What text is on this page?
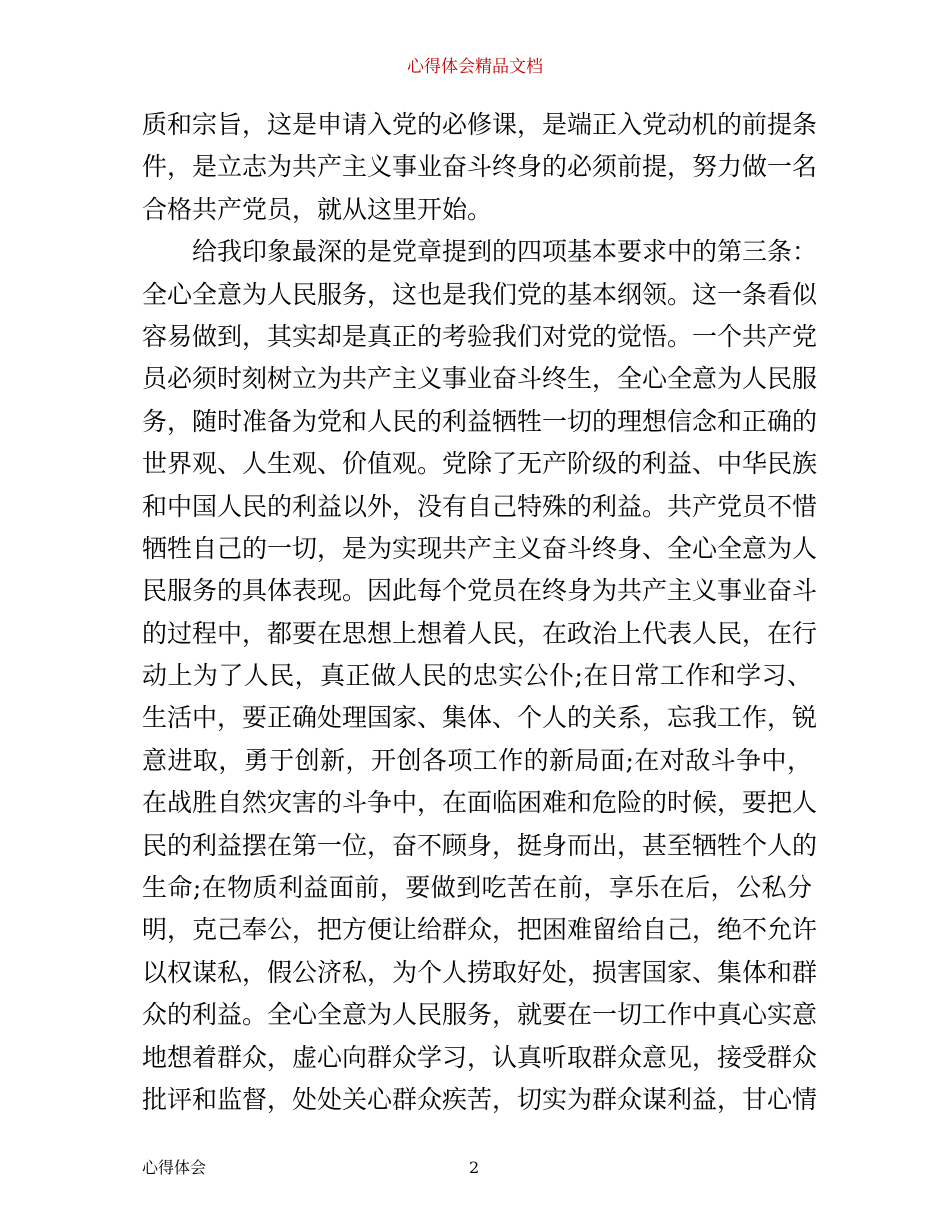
心得体会精品文档
质和宗旨，这是申请入党的必修课，是端正入党动机的前提条
件，是立志为共产主义事业奋斗终身的必须前提，努力做一名
合格共产党员，就从这里开始。
给我印象最深的是党章提到的四项基本要求中的第三条：
全心全意为人民服务，这也是我们党的基本纲领。这一条看似
容易做到，其实却是真正的考验我们对党的觉悟。一个共产党
员必须时刻树立为共产主义事业奋斗终生，全心全意为人民服
务，随时准备为党和人民的利益牺牲一切的理想信念和正确的
世界观、人生观、价值观。党除了无产阶级的利益、中华民族
和中国人民的利益以外，没有自己特殊的利益。共产党员不惜
牺牲自己的一切，是为实现共产主义奋斗终身、全心全意为人
民服务的具体表现。因此每个党员在终身为共产主义事业奋斗
的过程中，都要在思想上想着人民，在政治上代表人民，在行
动上为了人民，真正做人民的忠实公仆;在日常工作和学习、
生活中，要正确处理国家、集体、个人的关系，忘我工作，锐
意进取，勇于创新，开创各项工作的新局面;在对敌斗争中，
在战胜自然灾害的斗争中，在面临困难和危险的时候，要把人
民的利益摆在第一位，奋不顾身，挺身而出，甚至牺牲个人的
生命;在物质利益面前，要做到吃苦在前，享乐在后，公私分
明，克己奉公，把方便让给群众，把困难留给自己，绝不允许
以权谋私，假公济私，为个人捞取好处，损害国家、集体和群
众的利益。全心全意为人民服务，就要在一切工作中真心实意
地想着群众，虚心向群众学习，认真听取群众意见，接受群众
批评和监督，处处关心群众疾苦，切实为群众谋利益，甘心情
心得体会	2
